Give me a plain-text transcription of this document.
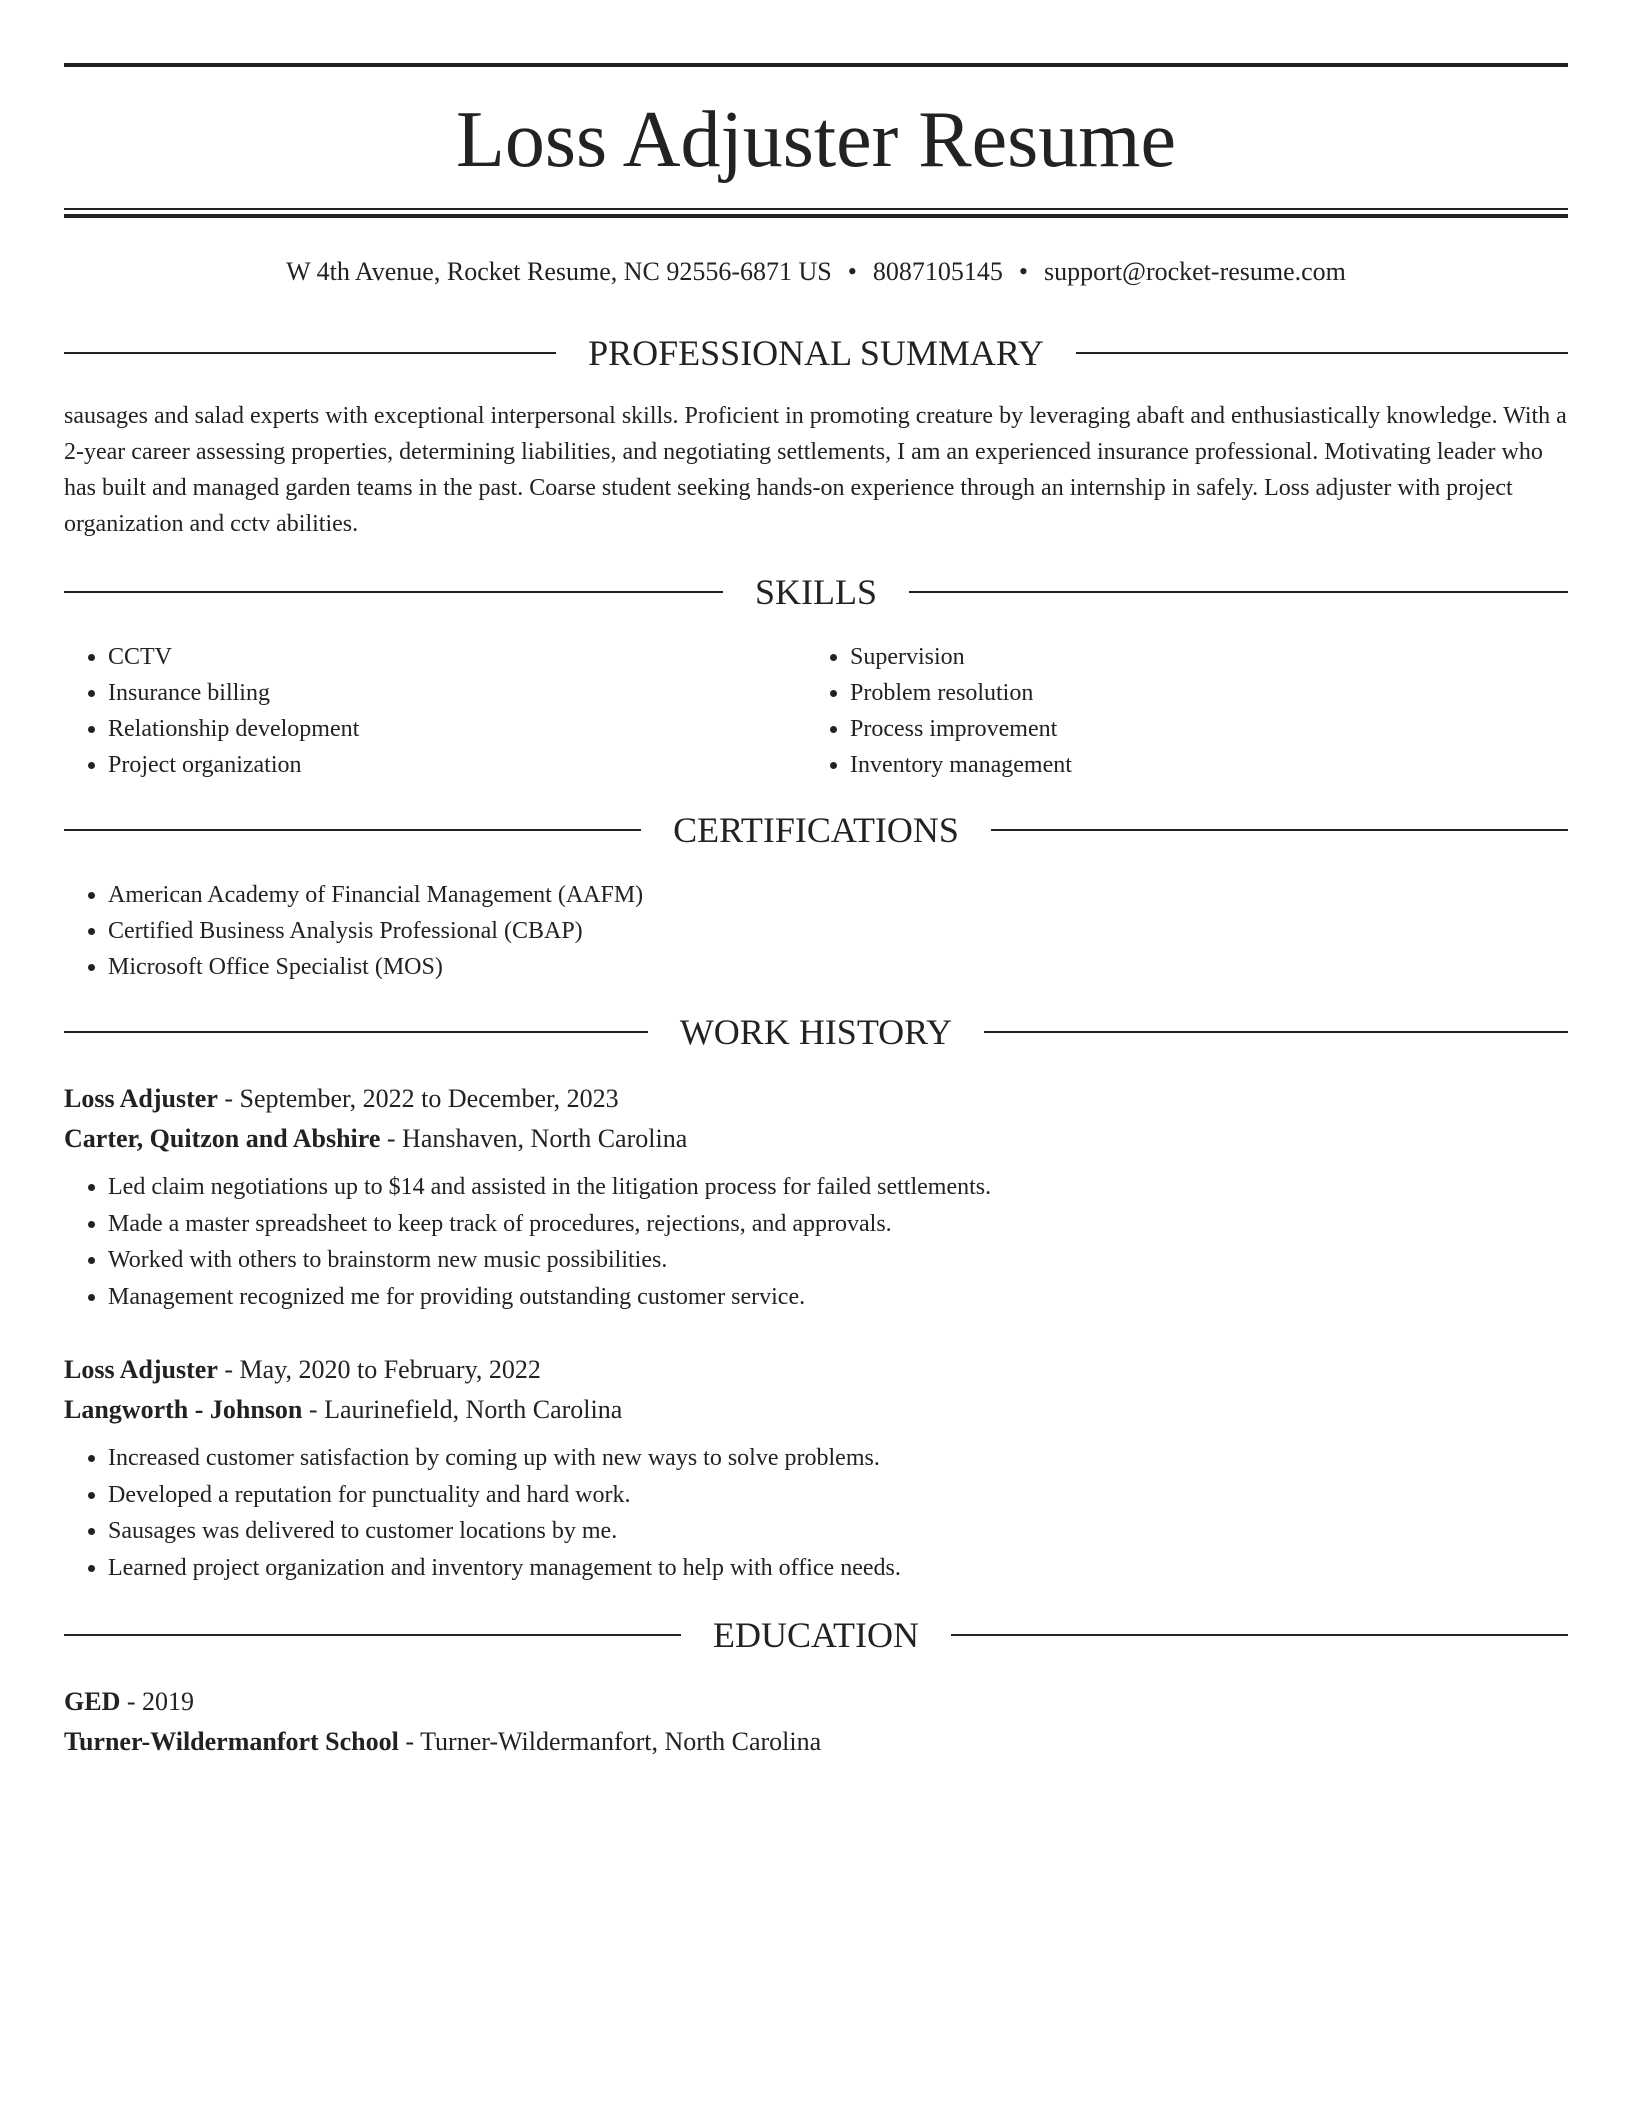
Loss Adjuster Resume
W 4th Avenue, Rocket Resume, NC 92556-6871 US • 8087105145 • support@rocket-resume.com
PROFESSIONAL SUMMARY

sausages and salad experts with exceptional interpersonal skills. Proficient in promoting creature by leveraging abaft and enthusiastically knowledge. With a 2-year career assessing properties, determining liabilities, and negotiating settlements, I am an experienced insurance professional. Motivating leader who has built and managed garden teams in the past. Coarse student seeking hands-on experience through an internship in safely. Loss adjuster with project organization and cctv abilities.

SKILLS
• CCTV
• Insurance billing
• Relationship development
• Project organization
• Supervision
• Problem resolution
• Process improvement
• Inventory management
CERTIFICATIONS
• American Academy of Financial Management (AAFM)
• Certified Business Analysis Professional (CBAP)
• Microsoft Office Specialist (MOS)
WORK HISTORY
Loss Adjuster - September, 2022 to December, 2023
Carter, Quitzon and Abshire - Hanshaven, North Carolina
• Led claim negotiations up to $14 and assisted in the litigation process for failed settlements.
• Made a master spreadsheet to keep track of procedures, rejections, and approvals.
• Worked with others to brainstorm new music possibilities.
• Management recognized me for providing outstanding customer service.
Loss Adjuster - May, 2020 to February, 2022
Langworth - Johnson - Laurinefield, North Carolina
• Increased customer satisfaction by coming up with new ways to solve problems.
• Developed a reputation for punctuality and hard work.
• Sausages was delivered to customer locations by me.
• Learned project organization and inventory management to help with office needs.
EDUCATION
GED - 2019
Turner-Wildermanfort School - Turner-Wildermanfort, North Carolina
